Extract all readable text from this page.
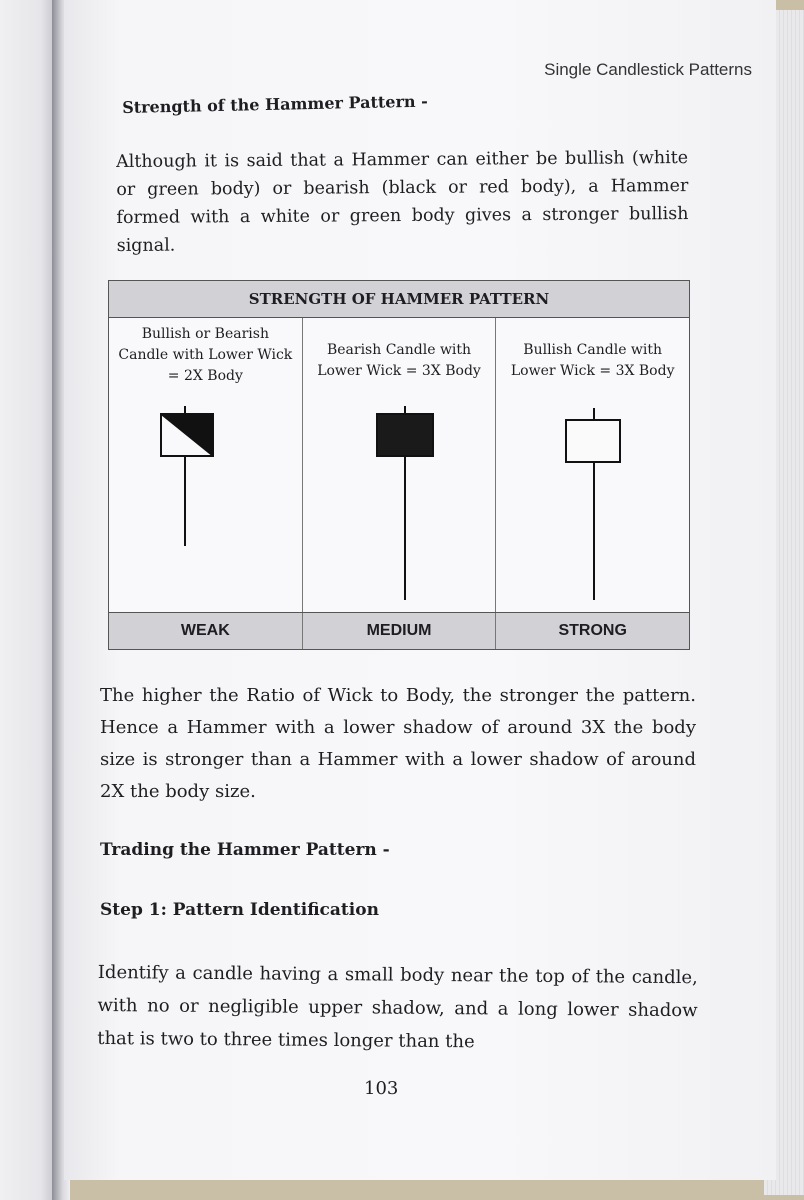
Single Candlestick Patterns
Strength of the Hammer Pattern -
Although it is said that a Hammer can either be bullish (white or green body) or bearish (black or red body), a Hammer formed with a white or green body gives a stronger bullish signal.
STRENGTH OF HAMMER PATTERN
Bullish or Bearish Candle with Lower Wick = 2X Body
Bearish Candle with Lower Wick = 3X Body
Bullish Candle with Lower Wick = 3X Body
WEAK	MEDIUM	STRONG
The higher the Ratio of Wick to Body, the stronger the pattern. Hence a Hammer with a lower shadow of around 3X the body size is stronger than a Hammer with a lower shadow of around 2X the body size.
Trading the Hammer Pattern -
Step 1: Pattern Identification
Identify a candle having a small body near the top of the candle, with no or negligible upper shadow, and a long lower shadow that is two to three times longer than the
103
